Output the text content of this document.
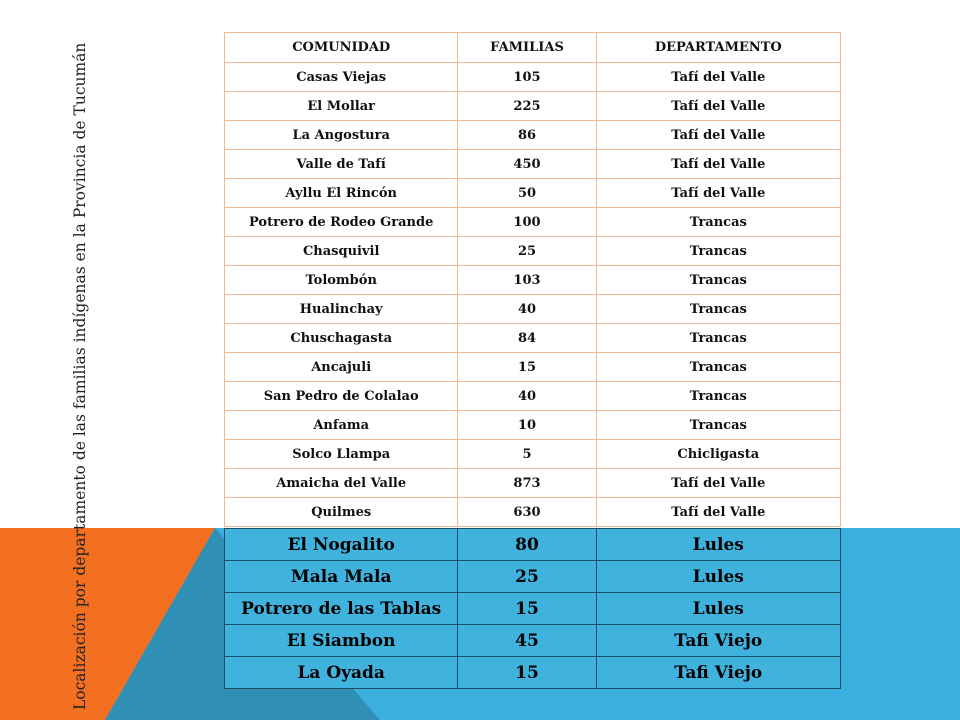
Localización por departamento de las familias indígenas en la Provincia de Tucumán	COMUNIDAD	FAMILIAS	DEPARTAMENTO
Casas Viejas	105	Tafí del Valle
El Mollar	225	Tafí del Valle
La Angostura	86	Tafí del Valle
Valle de Tafí	450	Tafí del Valle
Ayllu El Rincón	50	Tafí del Valle
Potrero de Rodeo Grande	100	Trancas
Chasquivil	25	Trancas
Tolombón	103	Trancas
Hualinchay	40	Trancas
Chuschagasta	84	Trancas
Ancajuli	15	Trancas
San Pedro de Colalao	40	Trancas
Anfama	10	Trancas
Solco Llampa	5	Chicligasta
Amaicha del Valle	873	Tafí del Valle
Quilmes	630	Tafí del Valle
El Nogalito	80	Lules
Mala Mala	25	Lules
Potrero de las Tablas	15	Lules
El Siambon	45	Tafi Viejo
La Oyada	15	Tafi Viejo
